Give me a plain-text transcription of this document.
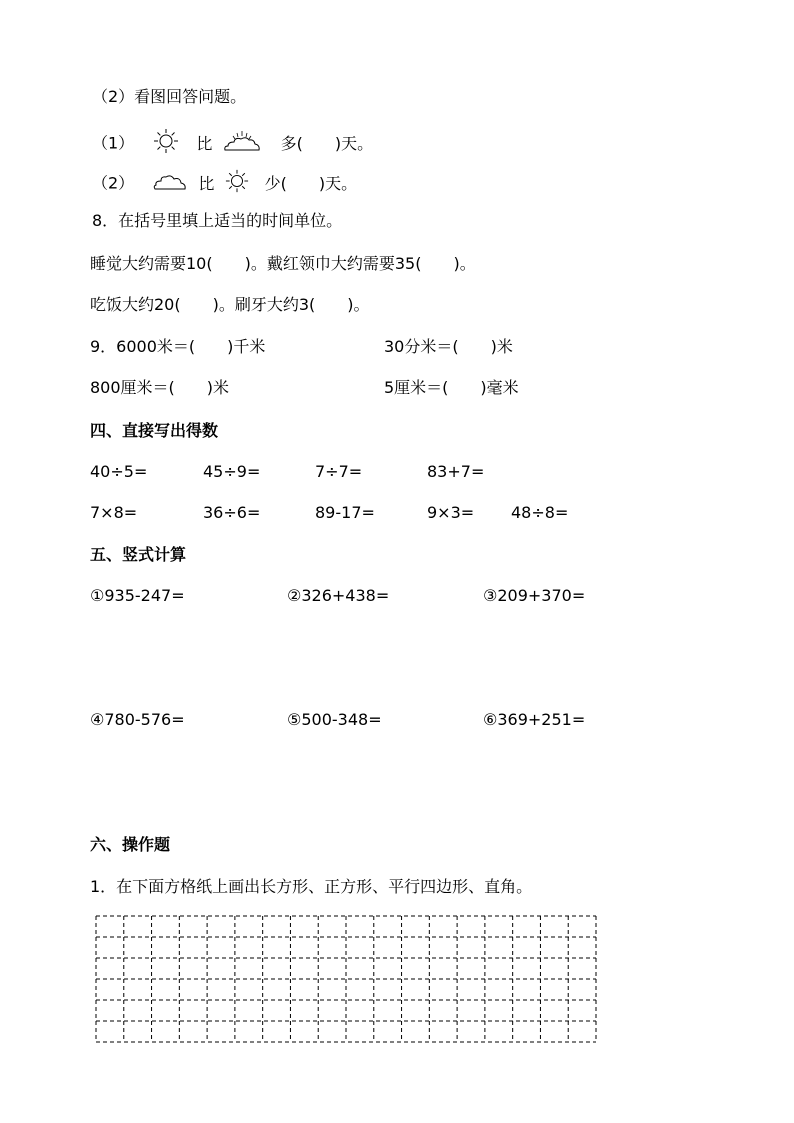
（2）看图回答问题。
（1）	比	多(　　)天。
（2）	比	少(　　)天。
8．在括号里填上适当的时间单位。
睡觉大约需要10(　　)。戴红领巾大约需要35(　　)。
吃饭大约20(　　)。刷牙大约3(　　)。
9．6000米＝(　　)千米	30分米＝(　　)米
800厘米＝(　　)米	5厘米＝(　　)毫米
四、直接写出得数
40÷5=	45÷9=	7÷7=	83+7=
7×8=	36÷6=	89-17=	9×3= 48÷8=
五、竖式计算
①935-247=	②326+438=	③209+370=
④780-576=	⑤500-348=	⑥369+251=
六、操作题
1．在下面方格纸上画出长方形、正方形、平行四边形、直角。
